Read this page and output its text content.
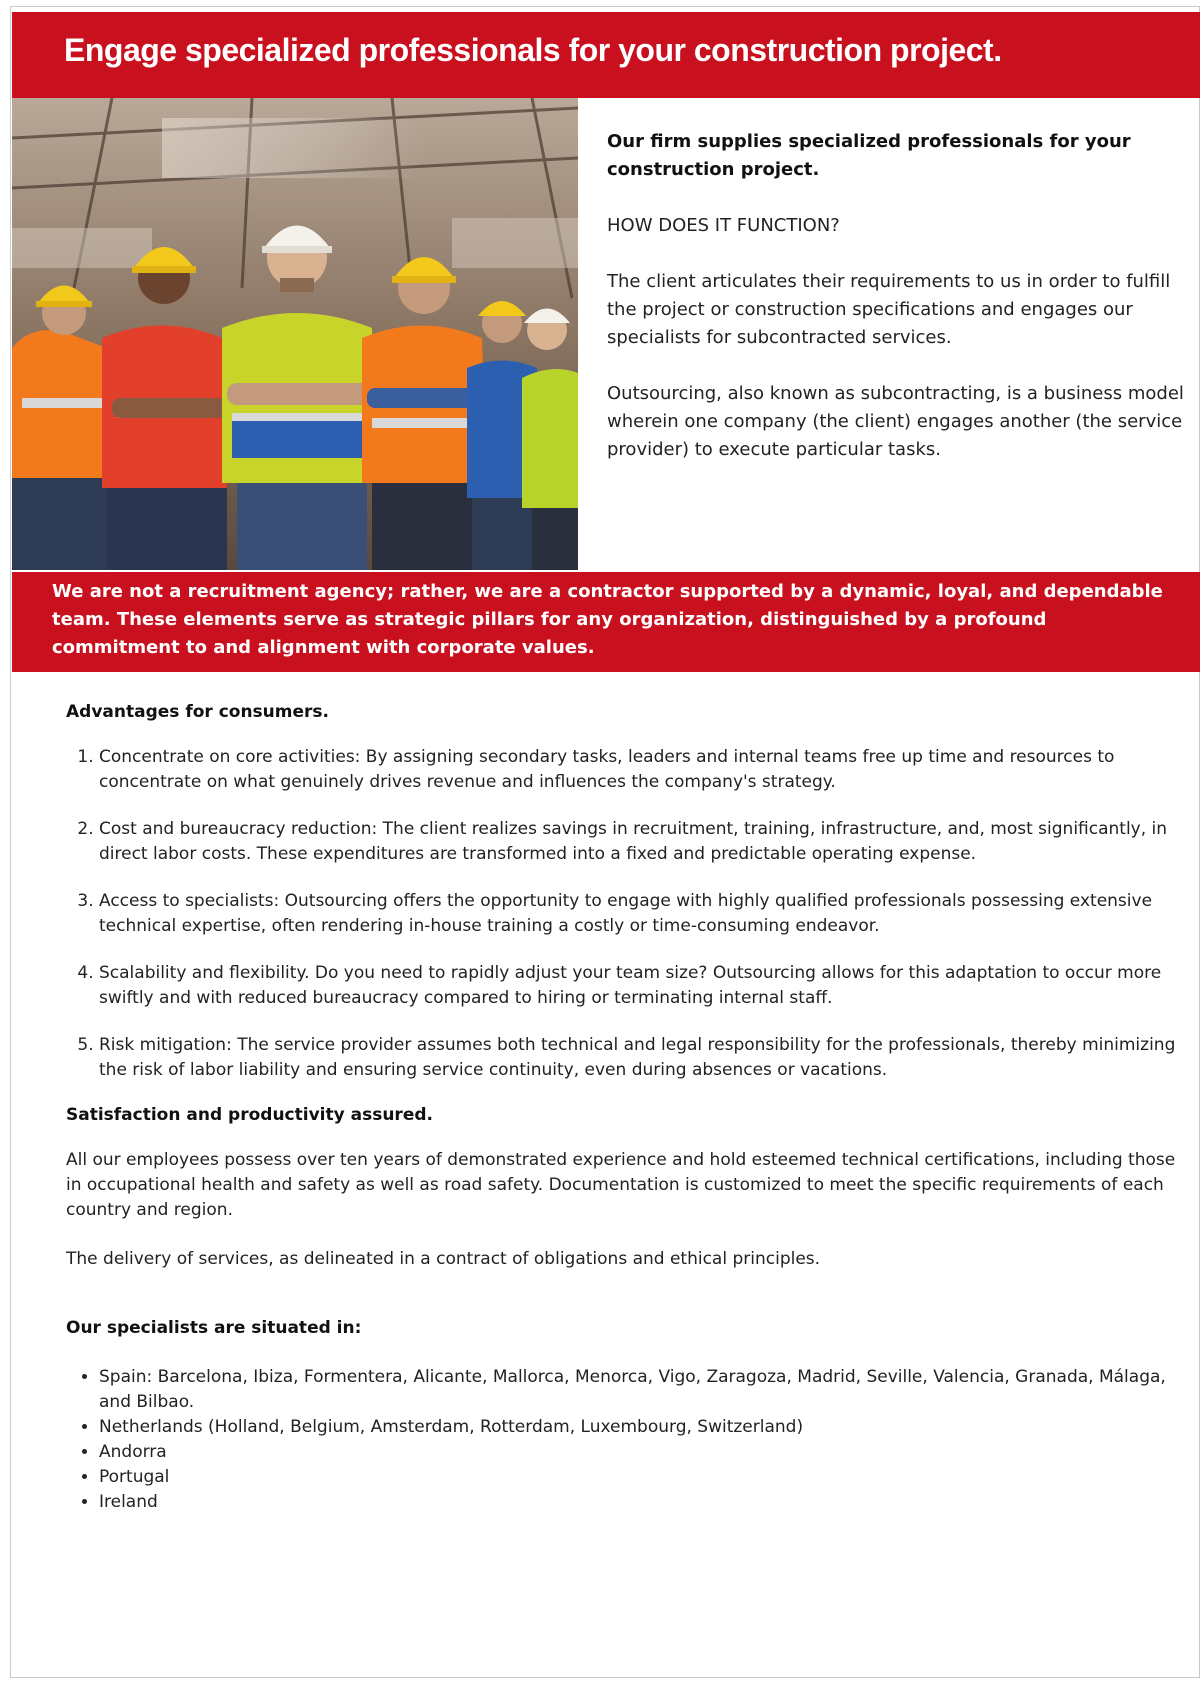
Engage specialized professionals for your construction project.

Our firm supplies specialized professionals for your construction project.

HOW DOES IT FUNCTION?

The client articulates their requirements to us in order to fulfill the project or construction specifications and engages our specialists for subcontracted services.

Outsourcing, also known as subcontracting, is a business model wherein one company (the client) engages another (the service provider) to execute particular tasks.

We are not a recruitment agency; rather, we are a contractor supported by a dynamic, loyal, and dependable team. These elements serve as strategic pillars for any organization, distinguished by a profound commitment to and alignment with corporate values.

Advantages for consumers.
1. Concentrate on core activities: By assigning secondary tasks, leaders and internal teams free up time and resources to concentrate on what genuinely drives revenue and influences the company's strategy.
2. Cost and bureaucracy reduction: The client realizes savings in recruitment, training, infrastructure, and, most significantly, in direct labor costs. These expenditures are transformed into a fixed and predictable operating expense.
3. Access to specialists: Outsourcing offers the opportunity to engage with highly qualified professionals possessing extensive technical expertise, often rendering in-house training a costly or time-consuming endeavor.
4. Scalability and flexibility. Do you need to rapidly adjust your team size? Outsourcing allows for this adaptation to occur more swiftly and with reduced bureaucracy compared to hiring or terminating internal staff.
5. Risk mitigation: The service provider assumes both technical and legal responsibility for the professionals, thereby minimizing the risk of labor liability and ensuring service continuity, even during absences or vacations.
Satisfaction and productivity assured.

All our employees possess over ten years of demonstrated experience and hold esteemed technical certifications, including those in occupational health and safety as well as road safety. Documentation is customized to meet the specific requirements of each country and region.

The delivery of services, as delineated in a contract of obligations and ethical principles.

Our specialists are situated in:
• Spain: Barcelona, Ibiza, Formentera, Alicante, Mallorca, Menorca, Vigo, Zaragoza, Madrid, Seville, Valencia, Granada, Málaga, and Bilbao.
• Netherlands (Holland, Belgium, Amsterdam, Rotterdam, Luxembourg, Switzerland)
• Andorra
• Portugal
• Ireland
